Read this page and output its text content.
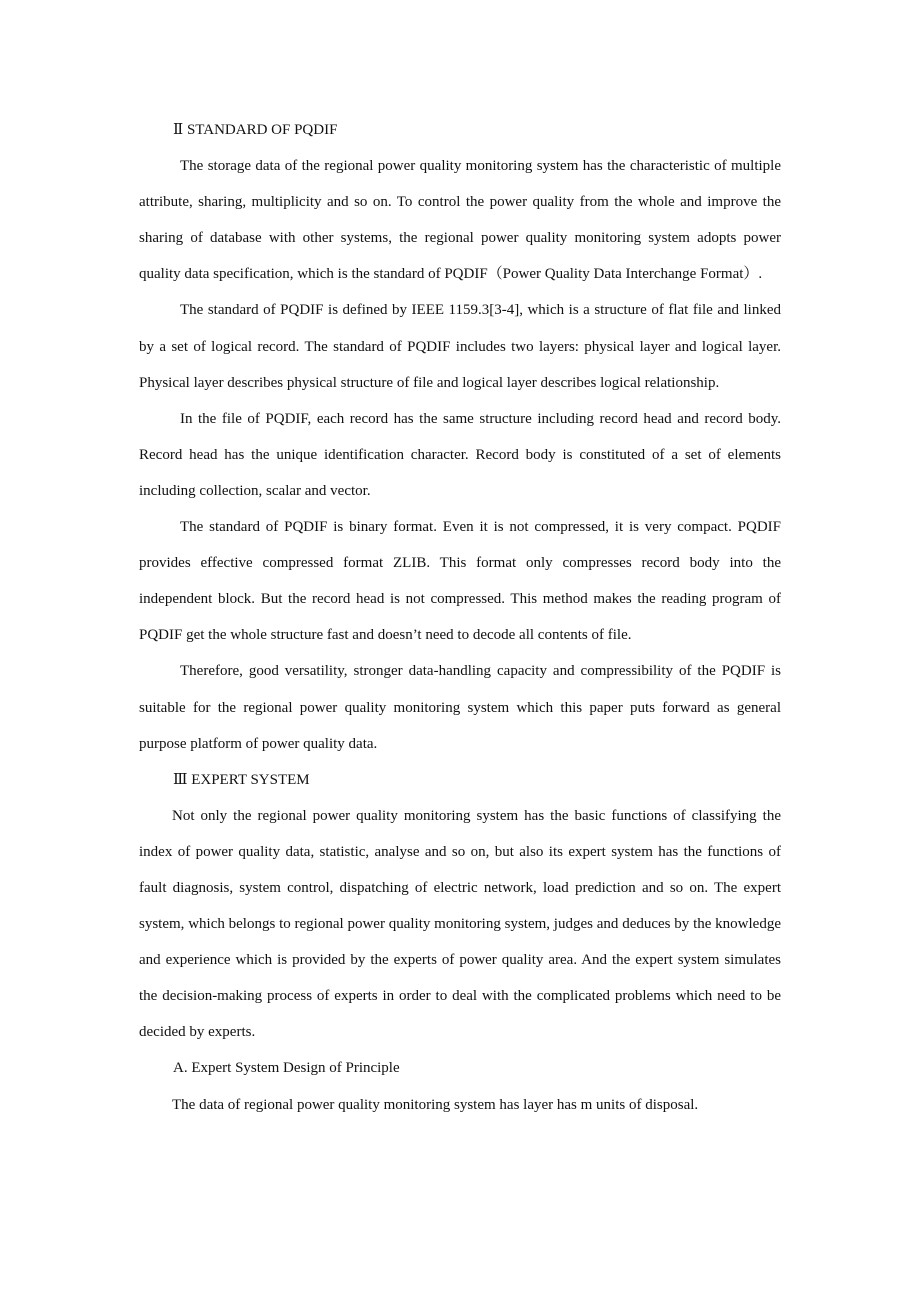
Ⅱ STANDARD OF PQDIF

The storage data of the regional power quality monitoring system has the characteristic of multiple attribute, sharing, multiplicity and so on. To control the power quality from the whole and improve the sharing of database with other systems, the regional power quality monitoring system adopts power quality data specification, which is the standard of PQDIF（Power Quality Data Interchange Format）.

The standard of PQDIF is defined by IEEE 1159.3[3-4], which is a structure of flat file and linked by a set of logical record. The standard of PQDIF includes two layers: physical layer and logical layer. Physical layer describes physical structure of file and logical layer describes logical relationship.

In the file of PQDIF, each record has the same structure including record head and record body. Record head has the unique identification character. Record body is constituted of a set of elements including collection, scalar and vector.

The standard of PQDIF is binary format. Even it is not compressed, it is very compact. PQDIF provides effective compressed format ZLIB. This format only compresses record body into the independent block. But the record head is not compressed. This method makes the reading program of PQDIF get the whole structure fast and doesn’t need to decode all contents of file.

Therefore, good versatility, stronger data-handling capacity and compressibility of the PQDIF is suitable for the regional power quality monitoring system which this paper puts forward as general purpose platform of power quality data.

Ⅲ EXPERT SYSTEM

Not only the regional power quality monitoring system has the basic functions of classifying the index of power quality data, statistic, analyse and so on, but also its expert system has the functions of fault diagnosis, system control, dispatching of electric network, load prediction and so on. The expert system, which belongs to regional power quality monitoring system, judges and deduces by the knowledge and experience which is provided by the experts of power quality area. And the expert system simulates the decision-making process of experts in order to deal with the complicated problems which need to be decided by experts.

A. Expert System Design of Principle

The data of regional power quality monitoring system has layer has m units of disposal.
